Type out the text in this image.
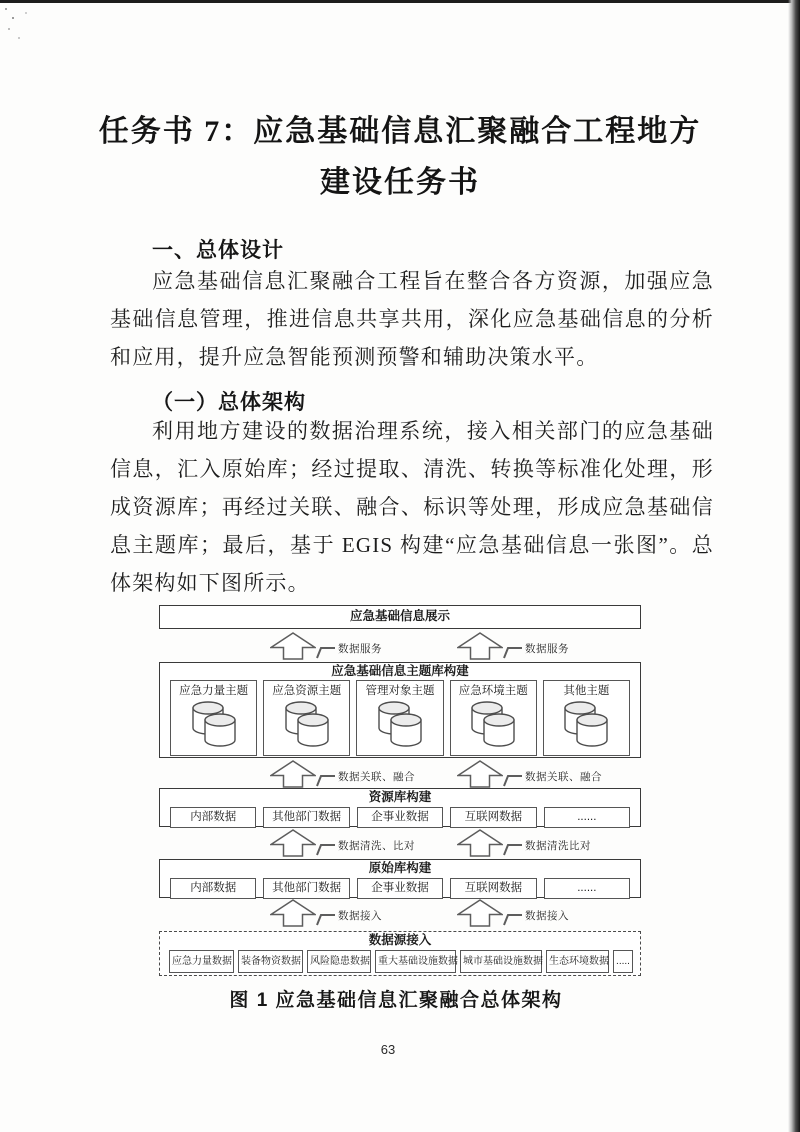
任务书 7：应急基础信息汇聚融合工程地方建设任务书
一、总体设计

应急基础信息汇聚融合工程旨在整合各方资源，加强应急基础信息管理，推进信息共享共用，深化应急基础信息的分析和应用，提升应急智能预测预警和辅助决策水平。

（一）总体架构

利用地方建设的数据治理系统，接入相关部门的应急基础信息，汇入原始库；经过提取、清洗、转换等标准化处理，形成资源库；再经过关联、融合、标识等处理，形成应急基础信息主题库；最后，基于 EGIS 构建“应急基础信息一张图”。总体架构如下图所示。

应急基础信息展示
数据服务	数据服务
应急基础信息主题库构建
应急力量主题	应急资源主题	管理对象主题	应急环境主题	其他主题
数据关联、融合	数据关联、融合
资源库构建
内部数据	其他部门数据	企事业数据	互联网数据	......
数据清洗、比对	数据清洗比对
原始库构建
内部数据	其他部门数据	企事业数据	互联网数据	......
数据接入	数据接入
数据源接入
应急力量数据 装备物资数据 风险隐患数据 重大基础设施数据 城市基础设施数据 生态环境数据 .....

图 1 应急基础信息汇聚融合总体架构

63
